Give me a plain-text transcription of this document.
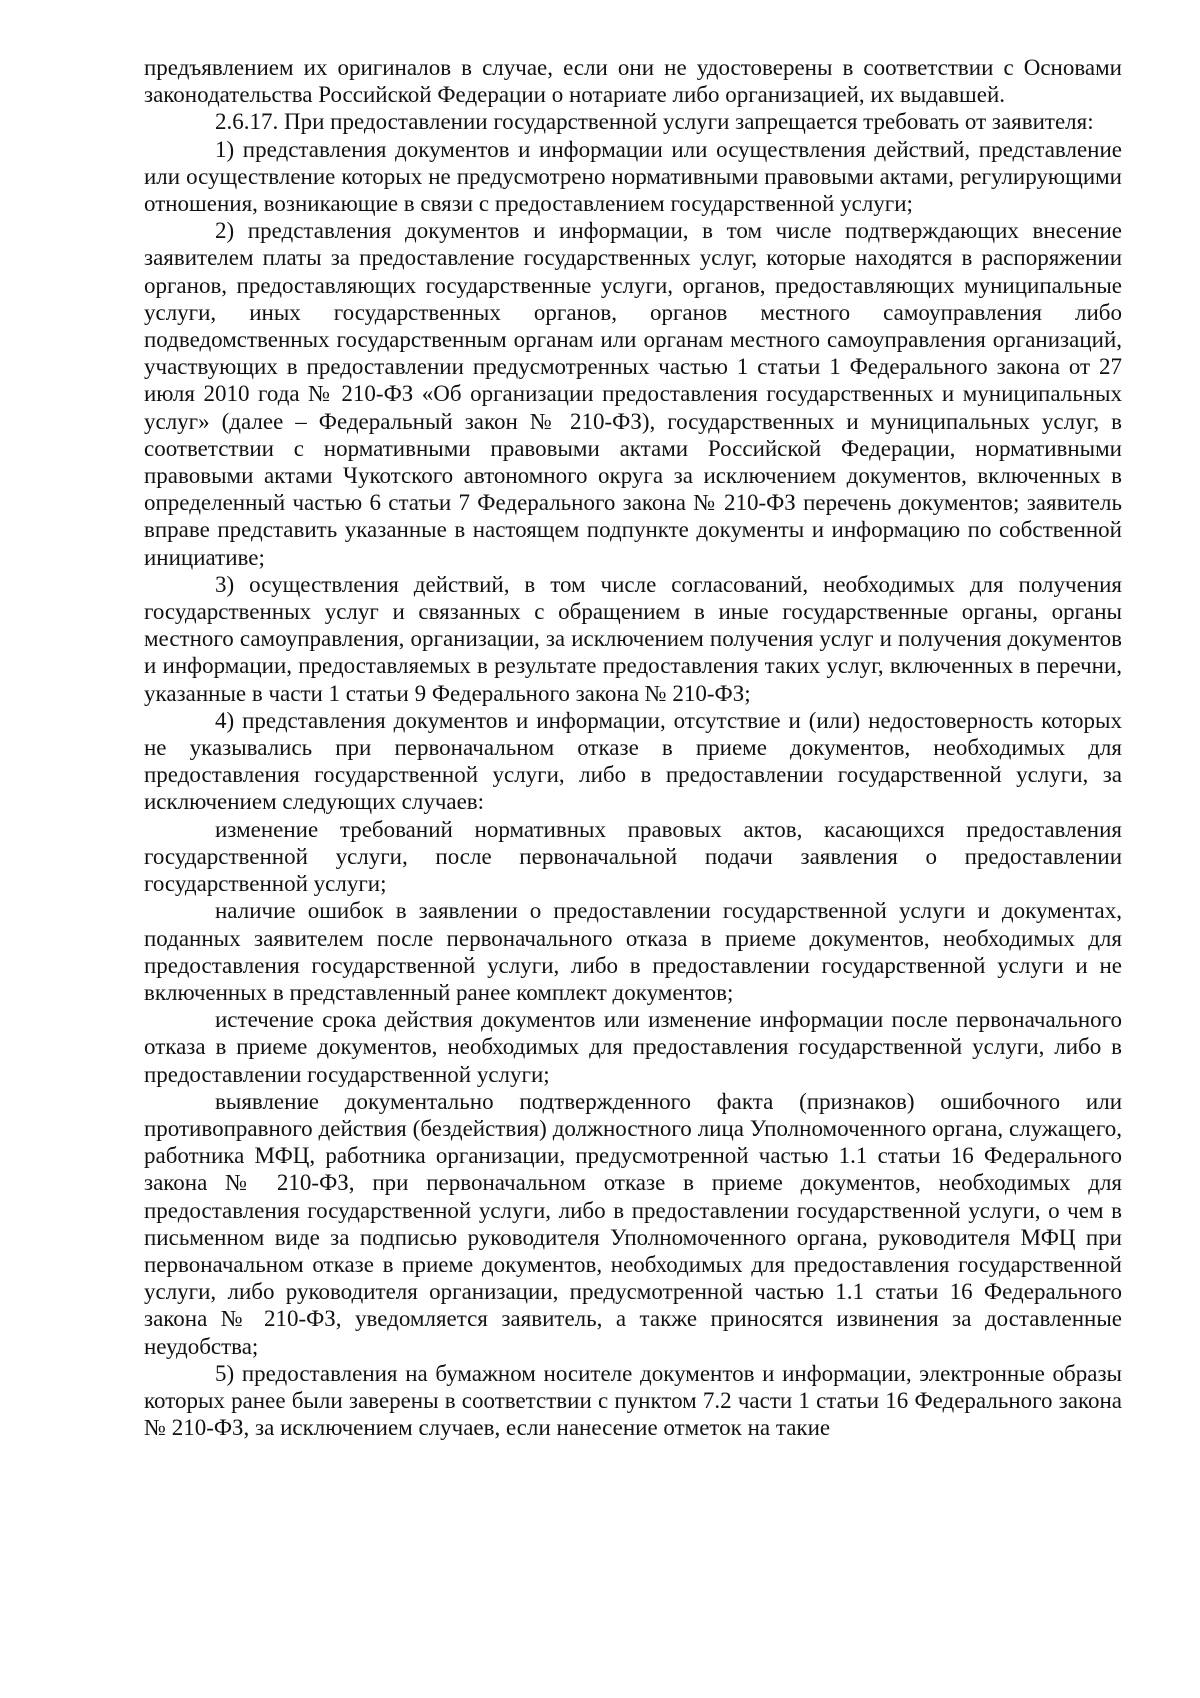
предъявлением их оригиналов в случае, если они не удостоверены в соответствии с Основами законодательства Российской Федерации о нотариате либо организацией, их выдавшей.

2.6.17. При предоставлении государственной услуги запрещается требовать от заявителя:

1) представления документов и информации или осуществления действий, представление или осуществление которых не предусмотрено нормативными правовыми актами, регулирующими отношения, возникающие в связи с предоставлением государственной услуги;

2) представления документов и информации, в том числе подтверждающих внесение заявителем платы за предоставление государственных услуг, которые находятся в распоряжении органов, предоставляющих государственные услуги, органов, предоставляющих муниципальные услуги, иных государственных органов, органов местного самоуправления либо подведомственных государственным органам или органам местного самоуправления организаций, участвующих в предоставлении предусмотренных частью 1 статьи 1 Федерального закона от 27 июля 2010 года № 210-ФЗ «Об организации предоставления государственных и муниципальных услуг» (далее – Федеральный закон № 210-ФЗ), государственных и муниципальных услуг, в соответствии с нормативными правовыми актами Российской Федерации, нормативными правовыми актами Чукотского автономного округа за исключением документов, включенных в определенный частью 6 статьи 7 Федерального закона № 210-ФЗ перечень документов; заявитель вправе представить указанные в настоящем подпункте документы и информацию по собственной инициативе;

3) осуществления действий, в том числе согласований, необходимых для получения государственных услуг и связанных с обращением в иные государственные органы, органы местного самоуправления, организации, за исключением получения услуг и получения документов и информации, предоставляемых в результате предоставления таких услуг, включенных в перечни, указанные в части 1 статьи 9 Федерального закона № 210-ФЗ;

4) представления документов и информации, отсутствие и (или) недостоверность которых не указывались при первоначальном отказе в приеме документов, необходимых для предоставления государственной услуги, либо в предоставлении государственной услуги, за исключением следующих случаев:

изменение требований нормативных правовых актов, касающихся предоставления государственной услуги, после первоначальной подачи заявления о предоставлении государственной услуги;

наличие ошибок в заявлении о предоставлении государственной услуги и документах, поданных заявителем после первоначального отказа в приеме документов, необходимых для предоставления государственной услуги, либо в предоставлении государственной услуги и не включенных в представленный ранее комплект документов;

истечение срока действия документов или изменение информации после первоначального отказа в приеме документов, необходимых для предоставления государственной услуги, либо в предоставлении государственной услуги;

выявление документально подтвержденного факта (признаков) ошибочного или противоправного действия (бездействия) должностного лица Уполномоченного органа, служащего, работника МФЦ, работника организации, предусмотренной частью 1.1 статьи 16 Федерального закона № 210-ФЗ, при первоначальном отказе в приеме документов, необходимых для предоставления государственной услуги, либо в предоставлении государственной услуги, о чем в письменном виде за подписью руководителя Уполномоченного органа, руководителя МФЦ при первоначальном отказе в приеме документов, необходимых для предоставления государственной услуги, либо руководителя организации, предусмотренной частью 1.1 статьи 16 Федерального закона № 210-ФЗ, уведомляется заявитель, а также приносятся извинения за доставленные неудобства;

5) предоставления на бумажном носителе документов и информации, электронные образы которых ранее были заверены в соответствии с пунктом 7.2 части 1 статьи 16 Федерального закона № 210-ФЗ, за исключением случаев, если нанесение отметок на такие
